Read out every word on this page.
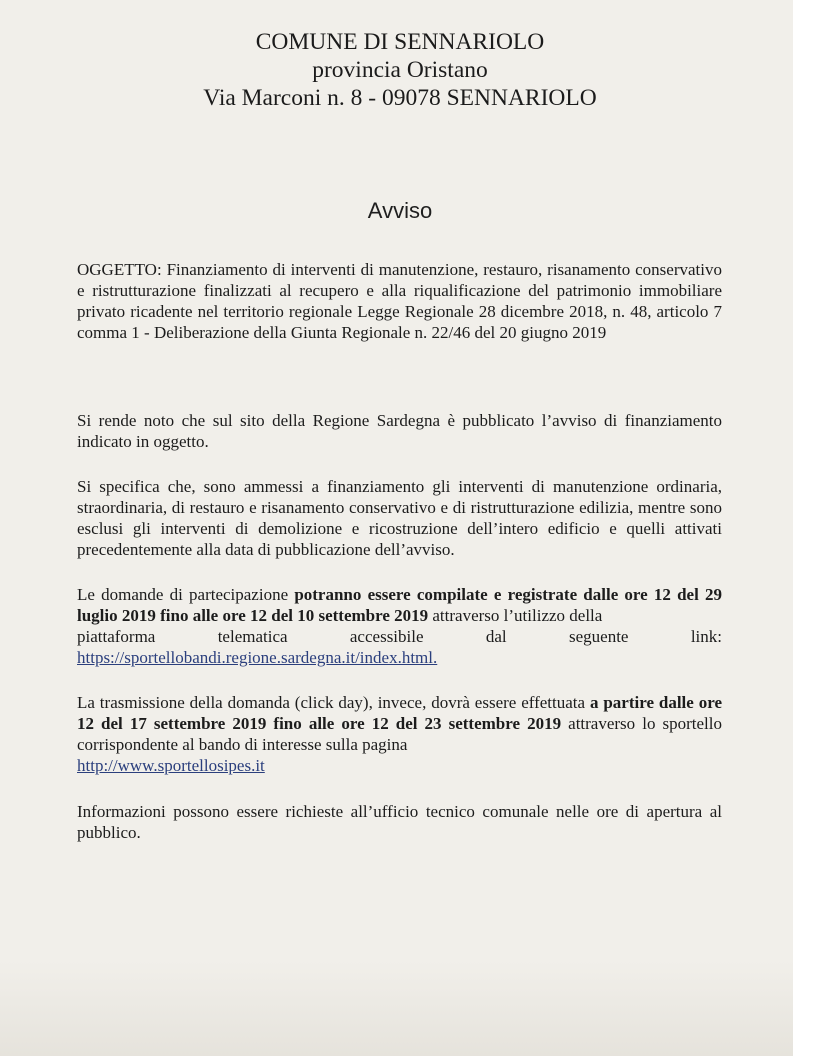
COMUNE DI SENNARIOLO
provincia Oristano
Via Marconi n. 8 - 09078 SENNARIOLO
Avviso

OGGETTO: Finanziamento di interventi di manutenzione, restauro, risanamento conservativo e ristrutturazione finalizzati al recupero e alla riqualificazione del patrimonio immobiliare privato ricadente nel territorio regionale Legge Regionale 28 dicembre 2018, n. 48, articolo 7 comma 1 - Deliberazione della Giunta Regionale n. 22/46 del 20 giugno 2019

Si rende noto che sul sito della Regione Sardegna è pubblicato l’avviso di finanziamento indicato in oggetto.

Si specifica che, sono ammessi a finanziamento gli interventi di manutenzione ordinaria, straordinaria, di restauro e risanamento conservativo e di ristrutturazione edilizia, mentre sono esclusi gli interventi di demolizione e ricostruzione dell’intero edificio e quelli attivati precedentemente alla data di pubblicazione dell’avviso.

Le domande di partecipazione potranno essere compilate e registrate dalle ore 12 del 29 luglio 2019 fino alle ore 12 del 10 settembre 2019 attraverso l’utilizzo della
piattaforma	telematica	accessibile	dal	seguente	link:
https://sportellobandi.regione.sardegna.it/index.html.
La trasmissione della domanda (click day), invece, dovrà essere effettuata a partire dalle ore 12 del 17 settembre 2019 fino alle ore 12 del 23 settembre 2019 attraverso lo sportello corrispondente al bando di interesse sulla pagina
http://www.sportellosipes.it

Informazioni possono essere richieste all’ufficio tecnico comunale nelle ore di apertura al pubblico.
